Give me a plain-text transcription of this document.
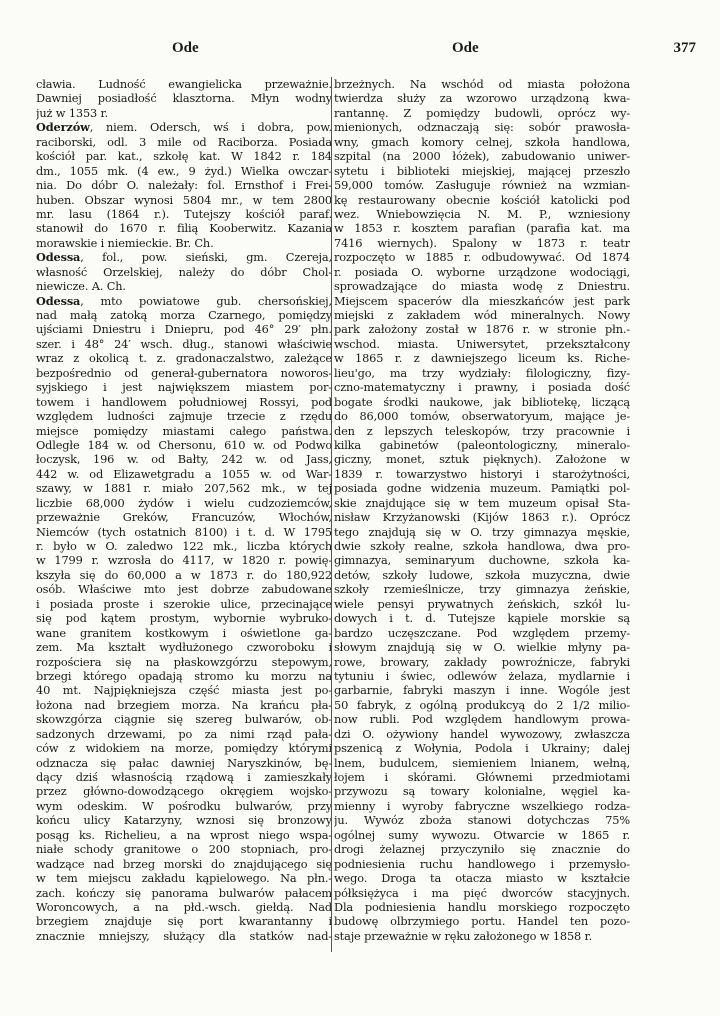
Ode	Ode	377
cławia. Ludność ewangielicka przeważnie.
Dawniej posiadłość klasztorna. Młyn wodny
już w 1353 r.
Oderzów, niem. Odersch, wś i dobra, pow.
raciborski, odl. 3 mile od Raciborza. Posiada
kościół par. kat., szkołę kat. W 1842 r. 184
dm., 1055 mk. (4 ew., 9 żyd.) Wielka owczar-
nia. Do dóbr O. należały: fol. Ernsthof i Frei-
huben. Obszar wynosi 5804 mr., w tem 2800
mr. lasu (1864 r.). Tutejszy kościół paraf.
stanowił do 1670 r. filią Kooberwitz. Kazania
morawskie i niemieckie. Br. Ch.
Odessa, fol., pow. sieński, gm. Czereja,
własność Orzelskiej, należy do dóbr Chol-
niewicze. A. Ch.
Odessa, mto powiatowe gub. chersońskiej,
nad małą zatoką morza Czarnego, pomiędzy
ujściami Dniestru i Dniepru, pod 46° 29′ płn.
szer. i 48° 24′ wsch. dług., stanowi właściwie
wraz z okolicą t. z. gradonaczalstwo, zależące
bezpośrednio od generał-gubernatora noworos-
syjskiego i jest największem miastem por-
towem i handlowem południowej Rossyi, pod
względem ludności zajmuje trzecie z rzędu
miejsce pomiędzy miastami całego państwa.
Odległe 184 w. od Chersonu, 610 w. od Podwo
łoczysk, 196 w. od Bałty, 242 w. od Jass,
442 w. od Elizawetgradu a 1055 w. od War-
szawy, w 1881 r. miało 207,562 mk., w tej
liczbie 68,000 żydów i wielu cudzoziemców,
przeważnie Greków, Francuzów, Włochów,
Niemców (tych ostatnich 8100) i t. d. W 1795
r. było w O. zaledwo 122 mk., liczba których
w 1799 r. wzrosła do 4117, w 1820 r. powię-
kszyła się do 60,000 a w 1873 r. do 180,922
osób. Właściwe mto jest dobrze zabudowane
i posiada proste i szerokie ulice, przecinające
się pod kątem prostym, wybornie wybruko-
wane granitem kostkowym i oświetlone ga-
zem. Ma kształt wydłużonego czworoboku i
rozpościera się na płaskowzgórzu stepowym,
brzegi którego opadają stromo ku morzu na
40 mt. Najpiękniejsza część miasta jest po-
łożona nad brzegiem morza. Na krańcu pła-
skowzgórza ciągnie się szereg bulwarów, ob-
sadzonych drzewami, po za nimi rząd pała-
ców z widokiem na morze, pomiędzy którymi
odznacza się pałac dawniej Naryszkinów, bę-
dący dziś własnością rządową i zamieszkały
przez główno-dowodzącego okręgiem wojsko-
wym odeskim. W pośrodku bulwarów, przy
końcu ulicy Katarzyny, wznosi się bronzowy
posąg ks. Richelieu, a na wprost niego wspa-
niałe schody granitowe o 200 stopniach, pro-
wadzące nad brzeg morski do znajdującego się
w tem miejscu zakładu kąpielowego. Na płn.-
zach. kończy się panorama bulwarów pałacem
Woroncowych, a na płd.-wsch. giełdą. Nad
brzegiem znajduje się port kwarantanny i
znacznie mniejszy, służący dla statków nad-
brzeżnych. Na wschód od miasta położona
twierdza służy za wzorowo urządzoną kwa-
rantannę. Z pomiędzy budowli, oprócz wy-
mienionych, odznaczają się: sobór prawosła-
wny, gmach komory celnej, szkoła handlowa,
szpital (na 2000 łóżek), zabudowanio uniwer-
sytetu i biblioteki miejskiej, mającej przeszło
59,000 tomów. Zasługuje również na wzmian-
kę restaurowany obecnie kościół katolicki pod
wez. Wniebowzięcia N. M. P., wzniesiony
w 1853 r. kosztem parafian (parafia kat. ma
7416 wiernych). Spalony w 1873 r. teatr
rozpoczęto w 1885 r. odbudowywać. Od 1874
r. posiada O. wyborne urządzone wodociągi,
sprowadzające do miasta wodę z Dniestru.
Miejscem spacerów dla mieszkańców jest park
miejski z zakładem wód mineralnych. Nowy
park założony został w 1876 r. w stronie płn.-
wschod. miasta. Uniwersytet, przekształcony
w 1865 r. z dawniejszego liceum ks. Riche-
lieu'go, ma trzy wydziały: filologiczny, fizy-
czno-matematyczny i prawny, i posiada dość
bogate środki naukowe, jak bibliotekę, liczącą
do 86,000 tomów, obserwatoryum, mające je-
den z lepszych teleskopów, trzy pracownie i
kilka gabinetów (paleontologiczny, mineralo-
giczny, monet, sztuk pięknych). Założone w
1839 r. towarzystwo historyi i starożytności,
posiada godne widzenia muzeum. Pamiątki pol-
skie znajdujące się w tem muzeum opisał Sta-
nisław Krzyżanowski (Kijów 1863 r.). Oprócz
tego znajdują się w O. trzy gimnazya męskie,
dwie szkoły realne, szkoła handlowa, dwa pro-
gimnazya, seminaryum duchowne, szkoła ka-
detów, szkoły ludowe, szkoła muzyczna, dwie
szkoły rzemieślnicze, trzy gimnazya żeńskie,
wiele pensyi prywatnych żeńskich, szkół lu-
dowych i t. d. Tutejsze kąpiele morskie są
bardzo uczęszczane. Pod względem przemy-
słowym znajdują się w O. wielkie młyny pa-
rowe, browary, zakłady powroźnicze, fabryki
tytuniu i świec, odlewów żelaza, mydlarnie i
garbarnie, fabryki maszyn i inne. Wogóle jest
50 fabryk, z ogólną produkcyą do 2 1/2 milio-
now rubli. Pod względem handlowym prowa-
dzi O. ożywiony handel wywozowy, zwłaszcza
pszenicą z Wołynia, Podola i Ukrainy; dalej
lnem, budulcem, siemieniem lnianem, wełną,
łojem i skórami. Głównemi przedmiotami
przywozu są towary kolonialne, węgiel ka-
mienny i wyroby fabryczne wszelkiego rodza-
ju. Wywóz zboża stanowi dotychczas 75%
ogólnej sumy wywozu. Otwarcie w 1865 r.
drogi żelaznej przyczyniło się znacznie do
podniesienia ruchu handlowego i przemysło-
wego. Droga ta otacza miasto w kształcie
półksiężyca i ma pięć dworców stacyjnych.
Dla podniesienia handlu morskiego rozpoczęto
budowę olbrzymiego portu. Handel ten pozo-
staje przeważnie w ręku założonego w 1858 r.
